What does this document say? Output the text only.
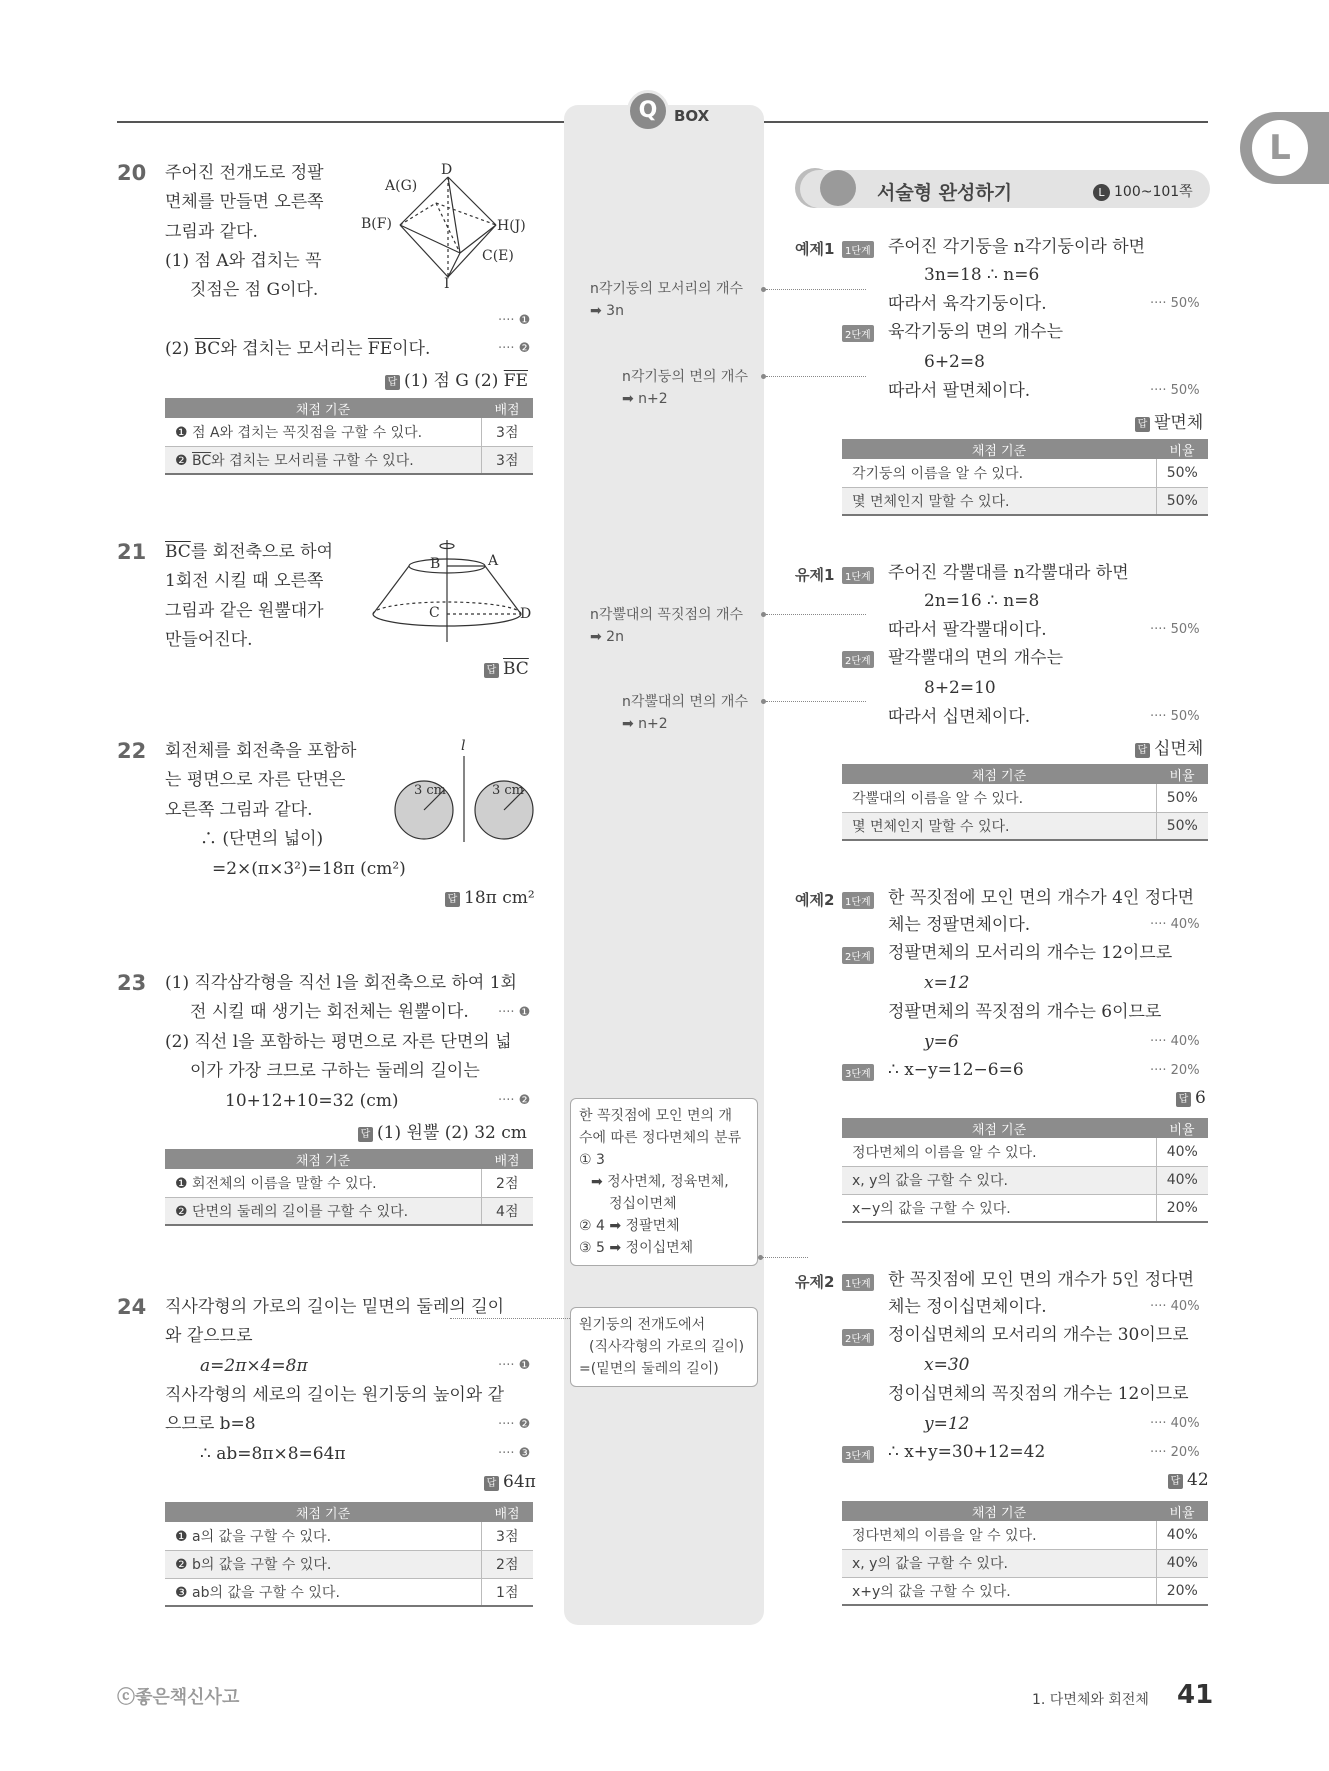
Q	BOX
L
20 주어진 전개도로 정팔
면체를 만들면 오른쪽
그림과 같다.
(1) 점 A와 겹치는 꼭
짓점은 점 G이다.
···· ❶
(2) $\overline{BC}$와 겹치는 모서리는 $\overline{FE}$이다.	···· ❷
답 (1) 점 G (2) $\overline{FE}$
A(G)
D
B(F)	H(J)
C(E)
I
채점 기준	배점
❶ 점 A와 겹치는 꼭짓점을 구할 수 있다.	3점
❷ $\overline{BC}$와 겹치는 모서리를 구할 수 있다.	3점
21 $\overline{BC}$를 회전축으로 하여
1회전 시킬 때 오른쪽
그림과 같은 원뿔대가
만들어진다.
답 $\overline{BC}$
B	A
C	D
22 회전체를 회전축을 포함하
는 평면으로 자른 단면은
오른쪽 그림과 같다.
∴ (단면의 넓이)
=2×(π×3²)=18π (cm²)
답 18π cm²
l
3 cm	3 cm
23 (1) 직각삼각형을 직선 l을 회전축으로 하여 1회
전 시킬 때 생기는 회전체는 원뿔이다. ···· ❶
(2) 직선 l을 포함하는 평면으로 자른 단면의 넓
이가 가장 크므로 구하는 둘레의 길이는
10+12+10=32 (cm)	···· ❷
답 (1) 원뿔 (2) 32 cm
채점 기준	배점
❶ 회전체의 이름을 말할 수 있다.	2점
❷ 단면의 둘레의 길이를 구할 수 있다.	4점
24 직사각형의 가로의 길이는 밑면의 둘레의 길이
와 같으므로
a=2π×4=8π	···· ❶
직사각형의 세로의 길이는 원기둥의 높이와 같
으므로 b=8	···· ❷
∴ ab=8π×8=64π	···· ❸
답 64π
채점 기준	배점
❶ a의 값을 구할 수 있다.	3점
❷ b의 값을 구할 수 있다.	2점
❸ ab의 값을 구할 수 있다.	1점
n각기둥의 모서리의 개수
➡ 3n
n각기둥의 면의 개수
➡ n+2
n각뿔대의 꼭짓점의 개수
➡ 2n
n각뿔대의 면의 개수
➡ n+2
한 꼭짓점에 모인 면의 개
수에 따른 정다면체의 분류
① 3
➡ 정사면체, 정육면체,
정십이면체
② 4 ➡ 정팔면체
③ 5 ➡ 정이십면체
원기둥의 전개도에서
(직사각형의 가로의 길이)
=(밑면의 둘레의 길이)
서술형 완성하기	L 100~101쪽
예제1	1단계 주어진 각기둥을 n각기둥이라 하면
3n=18 ∴ n=6
따라서 육각기둥이다.	···· 50%
2단계 육각기둥의 면의 개수는
6+2=8
따라서 팔면체이다.	···· 50%
답 팔면체
채점 기준	비율
각기둥의 이름을 알 수 있다.	50%
몇 면체인지 말할 수 있다.	50%
유제1	1단계 주어진 각뿔대를 n각뿔대라 하면
2n=16 ∴ n=8
따라서 팔각뿔대이다.	···· 50%
2단계 팔각뿔대의 면의 개수는
8+2=10
따라서 십면체이다.	···· 50%
답 십면체
채점 기준	비율
각뿔대의 이름을 알 수 있다.	50%
몇 면체인지 말할 수 있다.	50%
예제2	1단계 한 꼭짓점에 모인 면의 개수가 4인 정다면
체는 정팔면체이다.	···· 40%
2단계 정팔면체의 모서리의 개수는 12이므로
x=12
정팔면체의 꼭짓점의 개수는 6이므로
y=6	···· 40%
3단계 ∴ x−y=12−6=6	···· 20%
답 6
채점 기준	비율
정다면체의 이름을 알 수 있다.	40%
x, y의 값을 구할 수 있다.	40%
x−y의 값을 구할 수 있다.	20%
유제2	1단계 한 꼭짓점에 모인 면의 개수가 5인 정다면
체는 정이십면체이다.	···· 40%
2단계 정이십면체의 모서리의 개수는 30이므로
x=30
정이십면체의 꼭짓점의 개수는 12이므로
y=12	···· 40%
3단계 ∴ x+y=30+12=42	···· 20%
답 42
채점 기준	비율
정다면체의 이름을 알 수 있다.	40%
x, y의 값을 구할 수 있다.	40%
x+y의 값을 구할 수 있다.	20%
ⓒ좋은책신사고	1. 다면체와 회전체 41
